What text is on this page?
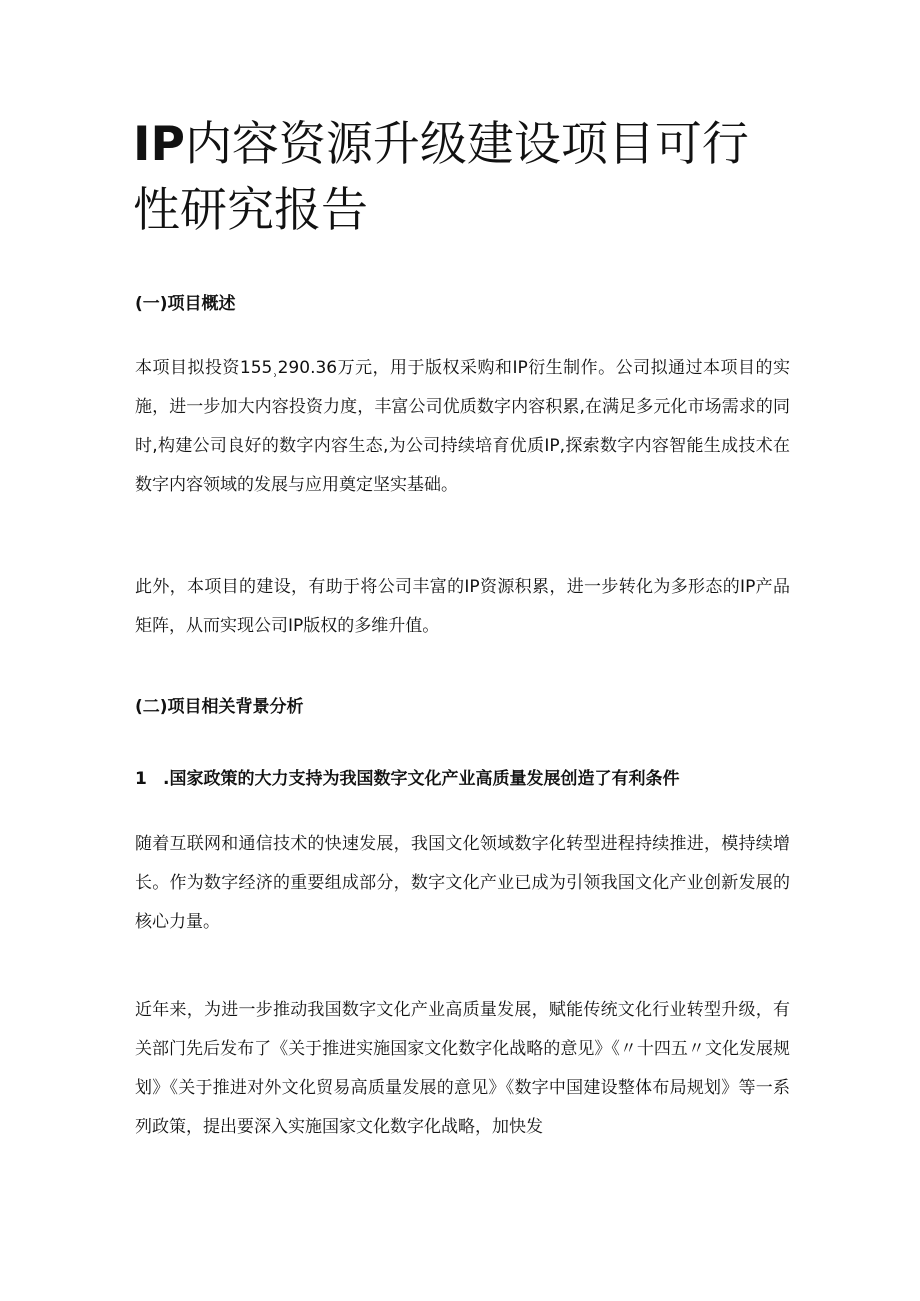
IP内容资源升级建设项目可行性研究报告
(一)项目概述

本项目拟投资155⸒290.36万元，用于版权采购和IP衍生制作。公司拟通过本项目的实施，进一步加大内容投资力度，丰富公司优质数字内容积累,在满足多元化市场需求的同时,构建公司良好的数字内容生态,为公司持续培育优质IP,探索数字内容智能生成技术在数字内容领域的发展与应用奠定坚实基础。

此外，本项目的建设，有助于将公司丰富的IP资源积累，进一步转化为多形态的IP产品矩阵，从而实现公司IP版权的多维升值。

(二)项目相关背景分析
1 .国家政策的大力支持为我国数字文化产业高质量发展创造了有利条件

随着互联网和通信技术的快速发展，我国文化领域数字化转型进程持续推进，模持续增长。作为数字经济的重要组成部分，数字文化产业已成为引领我国文化产业创新发展的核心力量。

近年来，为进一步推动我国数字文化产业高质量发展，赋能传统文化行业转型升级，有关部门先后发布了《关于推进实施国家文化数字化战略的意见》《〃十四五〃文化发展规划》《关于推进对外文化贸易高质量发展的意见》《数字中国建设整体布局规划》等一系列政策，提出要深入实施国家文化数字化战略，加快发
